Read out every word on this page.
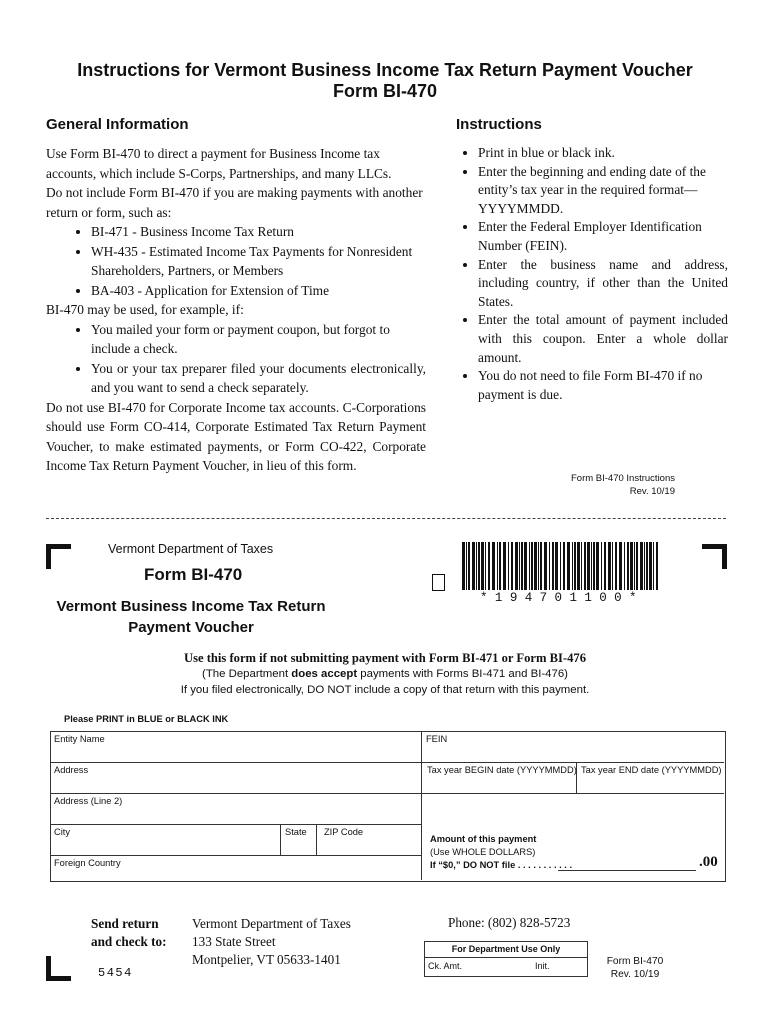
Instructions for Vermont Business Income Tax Return Payment Voucher
Form BI-470
General Information

Use Form BI-470 to direct a payment for Business Income tax accounts, which include S-Corps, Partnerships, and many LLCs.

Do not include Form BI-470 if you are making payments with another return or form, such as:

• BI-471 - Business Income Tax Return
• WH-435 - Estimated Income Tax Payments for Nonresident Shareholders, Partners, or Members
• BA-403 - Application for Extension of Time

BI-470 may be used, for example, if:

• You mailed your form or payment coupon, but forgot to include a check.
• You or your tax preparer filed your documents electronically, and you want to send a check separately.

Do not use BI-470 for Corporate Income tax accounts. C-Corporations should use Form CO-414, Corporate Estimated Tax Return Payment Voucher, to make estimated payments, or Form CO-422, Corporate Income Tax Return Payment Voucher, in lieu of this form.

Instructions
• Print in blue or black ink.
• Enter the beginning and ending date of the entity’s tax year in the required format— YYYYMMDD.
• Enter the Federal Employer Identification Number (FEIN).
• Enter the business name and address, including country, if other than the United States.
• Enter the total amount of payment included with this coupon. Enter a whole dollar amount.
• You do not need to file Form BI-470 if no payment is due.
Form BI-470 Instructions
Rev. 10/19
Vermont Department of Taxes
Form BI-470
Vermont Business Income Tax Return
Payment Voucher
*194701100*
Use this form if not submitting payment with Form BI-471 or Form BI-476
(The Department does accept payments with Forms BI-471 and BI-476)
If you filed electronically, DO NOT include a copy of that return with this payment.
Please PRINT in BLUE or BLACK INK
Entity Name	FEIN
Address	Tax year BEGIN date (YYYYMMDD) Tax year END date (YYYYMMDD)
Address (Line 2)
City	State ZIP Code
Foreign Country
Amount of this payment
(Use WHOLE DOLLARS)
If “$0,” DO NOT file . . . . . . . . . . .	.00
Send return
and check to:
Vermont Department of Taxes
133 State Street
Montpelier, VT 05633-1401
Phone: (802) 828-5723
5454
For Department Use Only
Ck. Amt.	Init.	Form BI-470
Rev. 10/19
